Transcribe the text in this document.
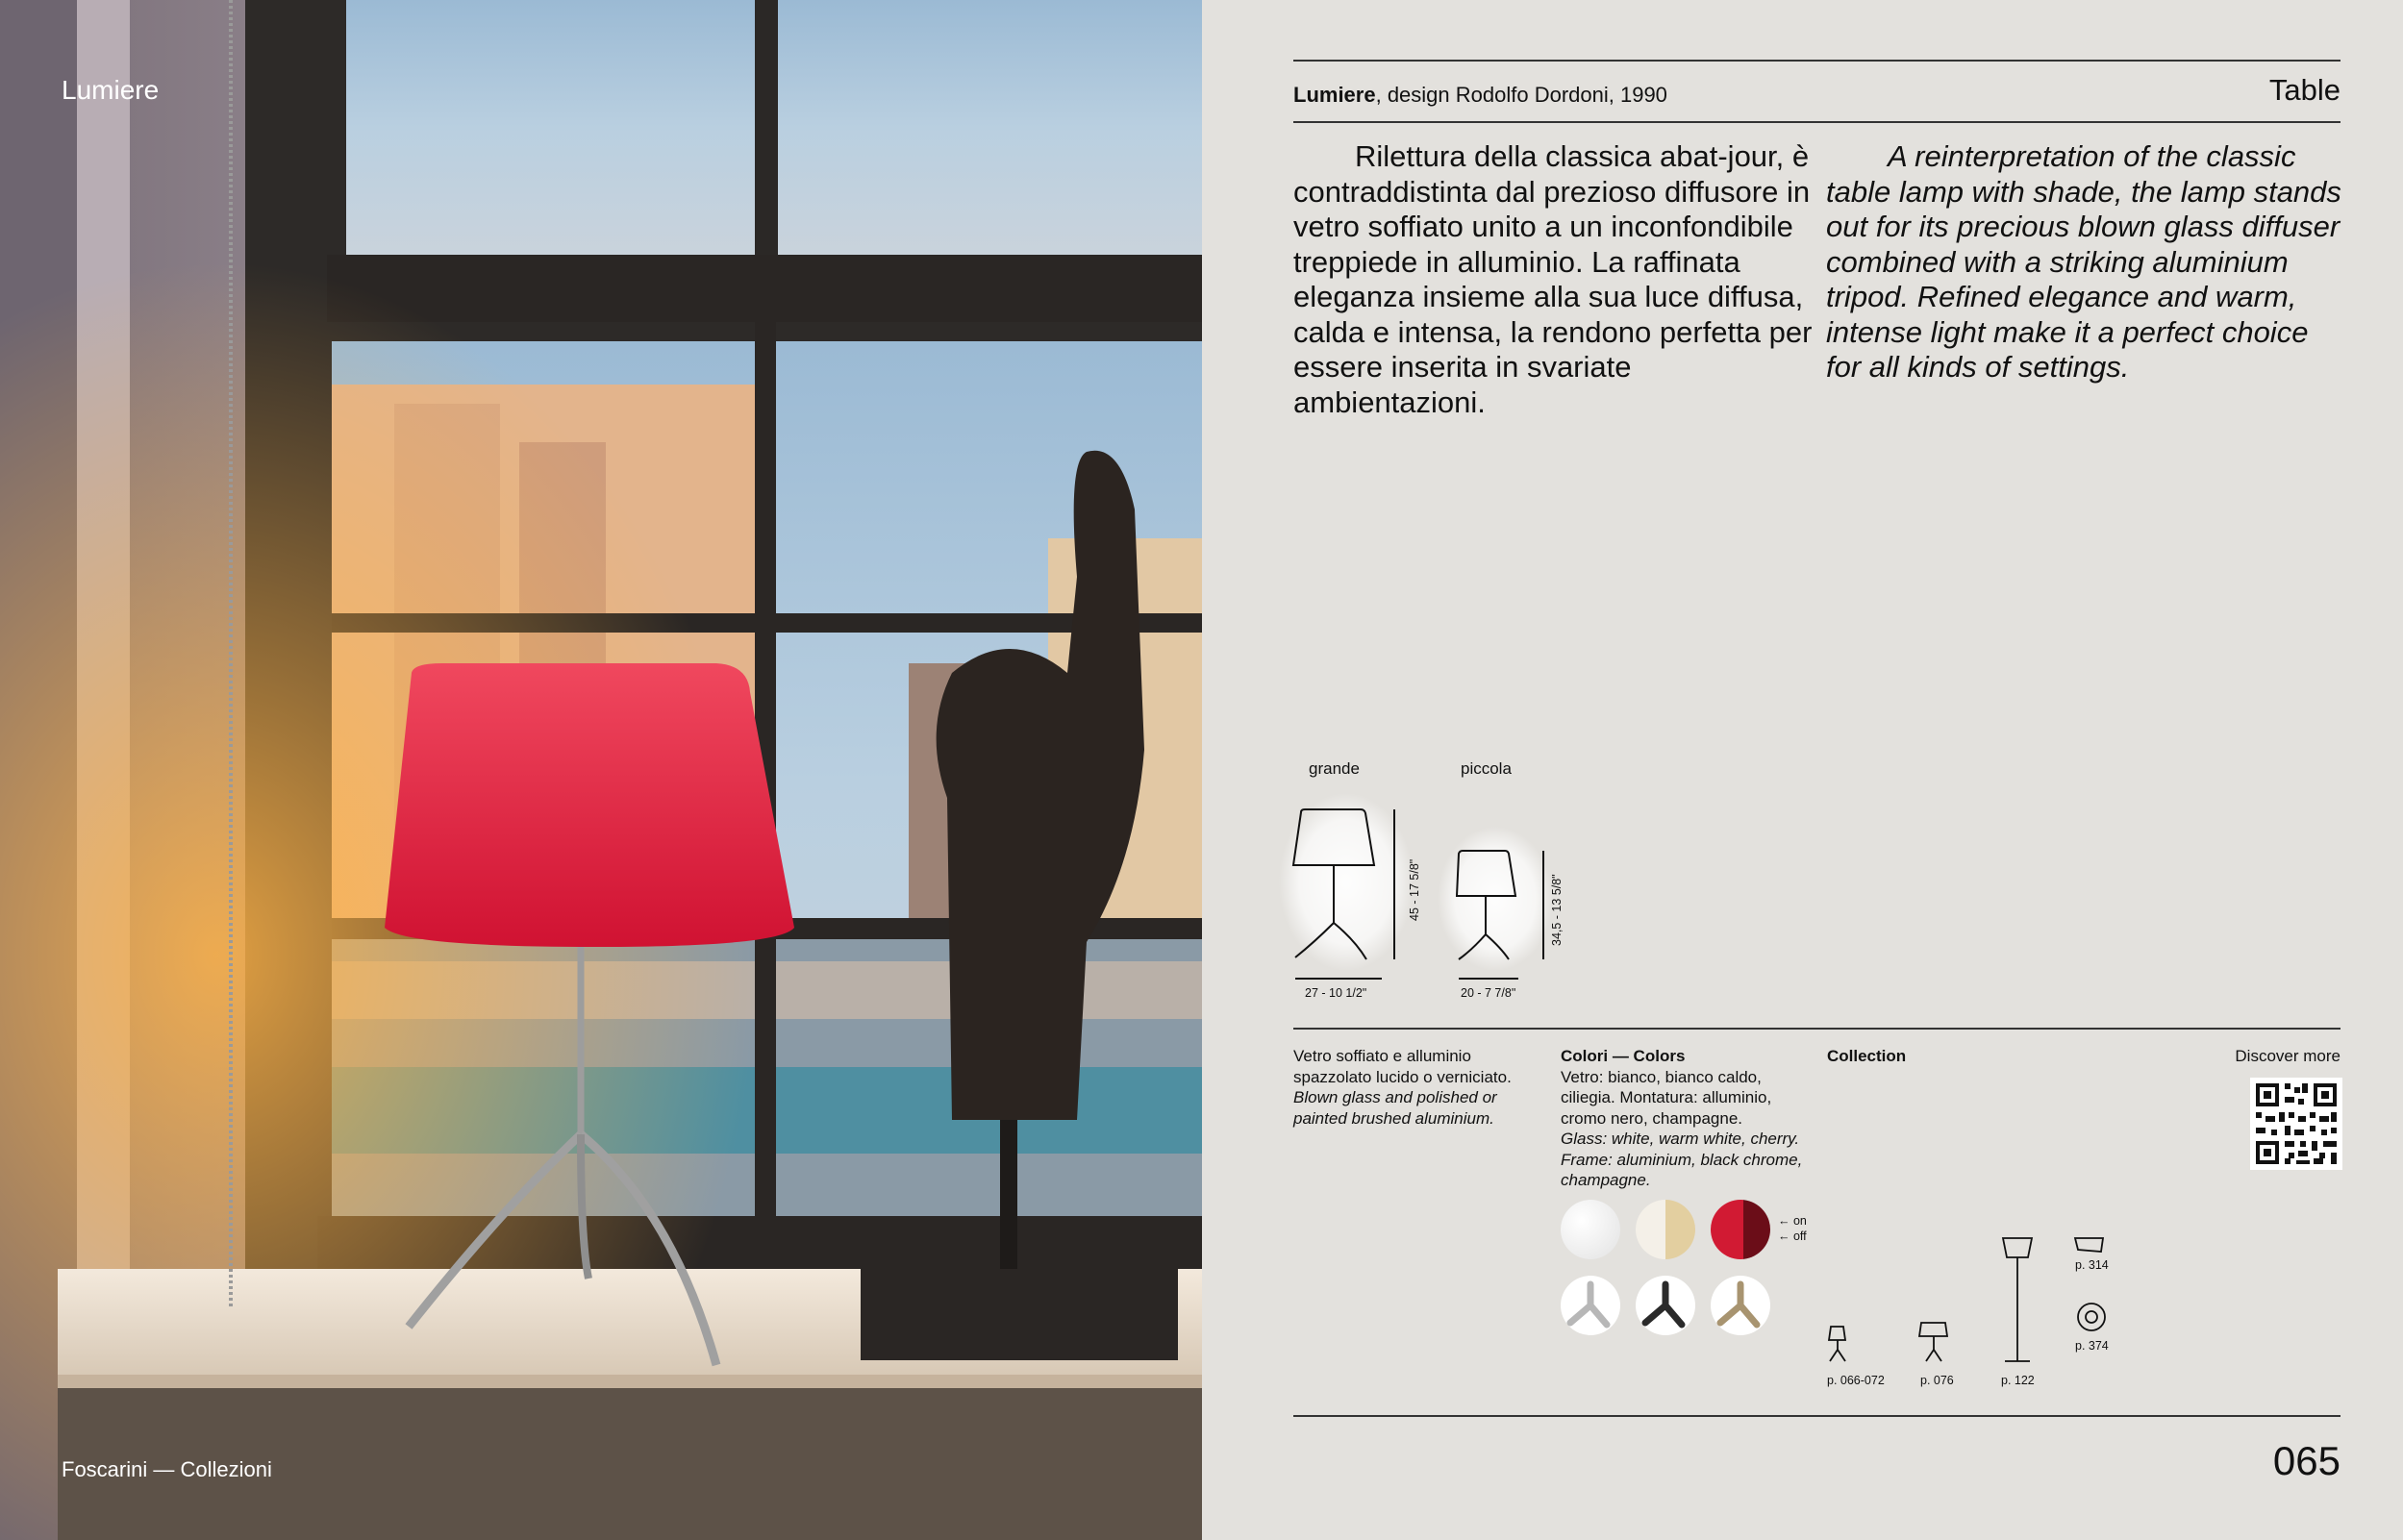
Lumiere
Foscarini — Collezioni
Lumiere, design Rodolfo Dordoni, 1990	Table
Rilettura della classica abat-jour, è contraddistinta dal prezioso diffusore in vetro soffiato unito a un inconfondibile treppiede in alluminio. La raffinata eleganza insieme alla sua luce diffusa, calda e intensa, la rendono perfetta per essere inserita in svariate ambientazioni.
A reinterpretation of the classic table lamp with shade, the lamp stands out for its precious blown glass diffuser combined with a striking aluminium tripod. Refined elegance and warm, intense light make it a perfect choice for all kinds of settings.
grande	piccola
45 - 17 5/8"	34,5 - 13 5/8"
27 - 10 1/2"	20 - 7 7/8"
Vetro soffiato e alluminio spazzolato lucido o verniciato.
Blown glass and polished or painted brushed aluminium.
Colori — Colors
Vetro: bianco, bianco caldo, ciliegia. Montatura: alluminio, cromo nero, champagne.
Glass: white, warm white, cherry. Frame: aluminium, black chrome, champagne.
← on
← off
Collection
p. 066-072	p. 076	p. 122
p. 314
p. 374
Discover more
065
